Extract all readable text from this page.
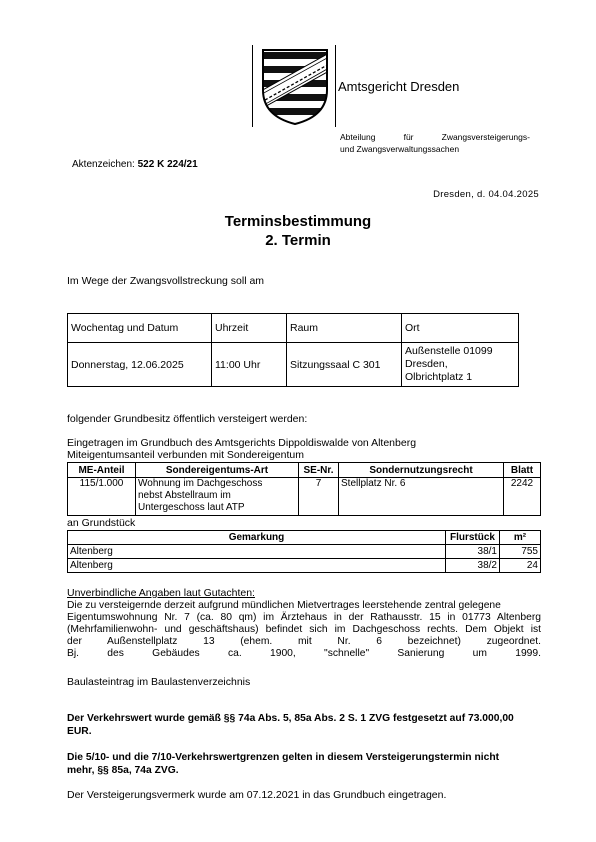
Amtsgericht Dresden
Abteilung	für	Zwangsversteigerungs-
und Zwangsverwaltungssachen
Aktenzeichen: 522 K 224/21
Dresden, d. 04.04.2025
Terminsbestimmung
2. Termin
Im Wege der Zwangsvollstreckung soll am
Wochentag und Datum	Uhrzeit	Raum	Ort
Donnerstag, 12.06.2025	11:00 Uhr	Sitzungssaal C 301	Außenstelle 01099
Dresden,
Olbrichtplatz 1
folgender Grundbesitz öffentlich versteigert werden:
Eingetragen im Grundbuch des Amtsgerichts Dippoldiswalde von Altenberg
Miteigentumsanteil verbunden mit Sondereigentum
ME-Anteil	Sondereigentums-Art	SE-Nr.	Sondernutzungsrecht	Blatt
115/1.000	Wohnung im Dachgeschoss
nebst Abstellraum im
Untergeschoss laut ATP	7	Stellplatz Nr. 6	2242
an Grundstück
Gemarkung	Flurstück	m²
Altenberg	38/1	755
Altenberg	38/2	24
Unverbindliche Angaben laut Gutachten:
Die zu versteigernde derzeit aufgrund mündlichen Mietvertrages leerstehende zentral gelegene
Eigentumswohnung Nr. 7 (ca. 80 qm) im Ärztehaus in der Rathausstr. 15 in 01773 Altenberg
(Mehrfamilienwohn- und geschäftshaus) befindet sich im Dachgeschoss rechts. Dem Objekt ist
der Außenstellplatz 13 (ehem. mit Nr. 6 bezeichnet) zugeordnet.
Bj. des Gebäudes ca. 1900, "schnelle" Sanierung um 1999.
Baulasteintrag im Baulastenverzeichnis
Der Verkehrswert wurde gemäß §§ 74a Abs. 5, 85a Abs. 2 S. 1 ZVG festgesetzt auf 73.000,00
EUR.
Die 5/10- und die 7/10-Verkehrswertgrenzen gelten in diesem Versteigerungstermin nicht
mehr, §§ 85a, 74a ZVG.
Der Versteigerungsvermerk wurde am 07.12.2021 in das Grundbuch eingetragen.
